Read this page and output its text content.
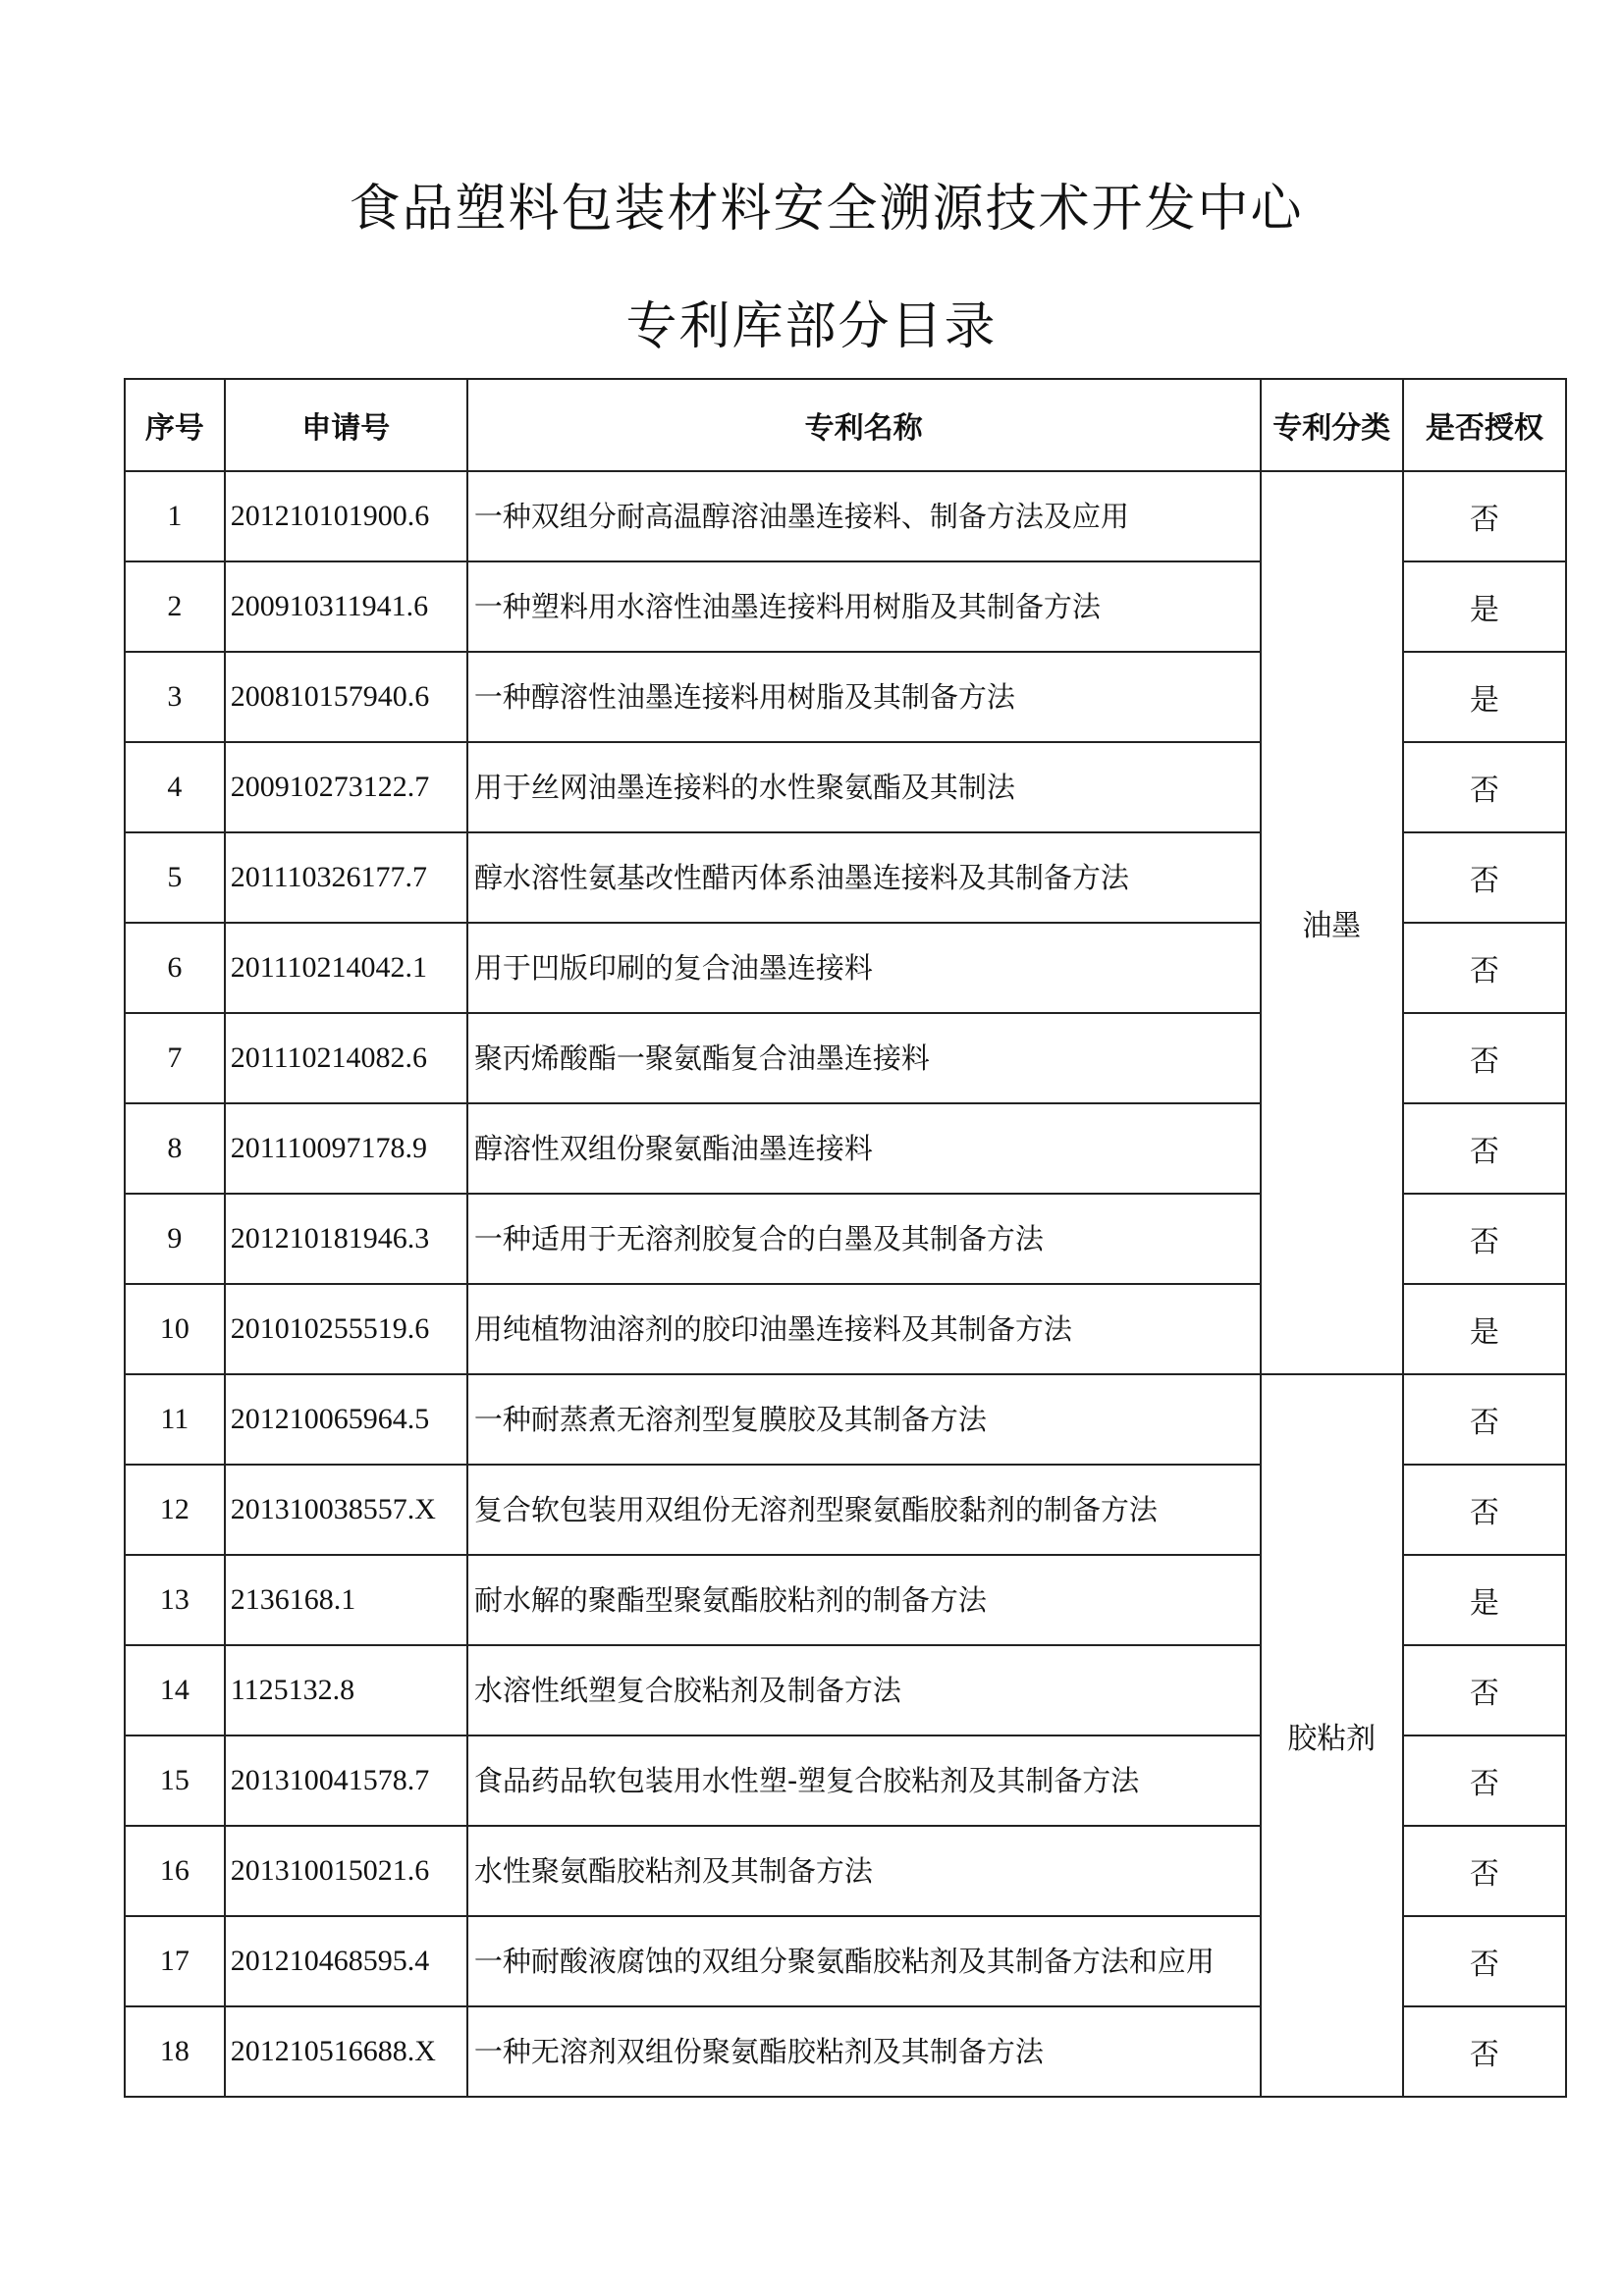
食品塑料包装材料安全溯源技术开发中心
专利库部分目录
序号	申请号	专利名称	专利分类	是否授权
1	201210101900.6	一种双组分耐高温醇溶油墨连接料、制备方法及应用	油墨	否
2	200910311941.6	一种塑料用水溶性油墨连接料用树脂及其制备方法		是
3	200810157940.6	一种醇溶性油墨连接料用树脂及其制备方法		是
4	200910273122.7	用于丝网油墨连接料的水性聚氨酯及其制法		否
5	201110326177.7	醇水溶性氨基改性醋丙体系油墨连接料及其制备方法		否
6	201110214042.1	用于凹版印刷的复合油墨连接料		否
7	201110214082.6	聚丙烯酸酯一聚氨酯复合油墨连接料		否
8	201110097178.9	醇溶性双组份聚氨酯油墨连接料		否
9	201210181946.3	一种适用于无溶剂胶复合的白墨及其制备方法		否
10	201010255519.6	用纯植物油溶剂的胶印油墨连接料及其制备方法		是
11	201210065964.5	一种耐蒸煮无溶剂型复膜胶及其制备方法	胶粘剂	否
12	201310038557.X	复合软包装用双组份无溶剂型聚氨酯胶黏剂的制备方法		否
13	2136168.1	耐水解的聚酯型聚氨酯胶粘剂的制备方法		是
14	1125132.8	水溶性纸塑复合胶粘剂及制备方法		否
15	201310041578.7	食品药品软包装用水性塑-塑复合胶粘剂及其制备方法		否
16	201310015021.6	水性聚氨酯胶粘剂及其制备方法		否
17	201210468595.4	一种耐酸液腐蚀的双组分聚氨酯胶粘剂及其制备方法和应用		否
18	201210516688.X	一种无溶剂双组份聚氨酯胶粘剂及其制备方法		否
